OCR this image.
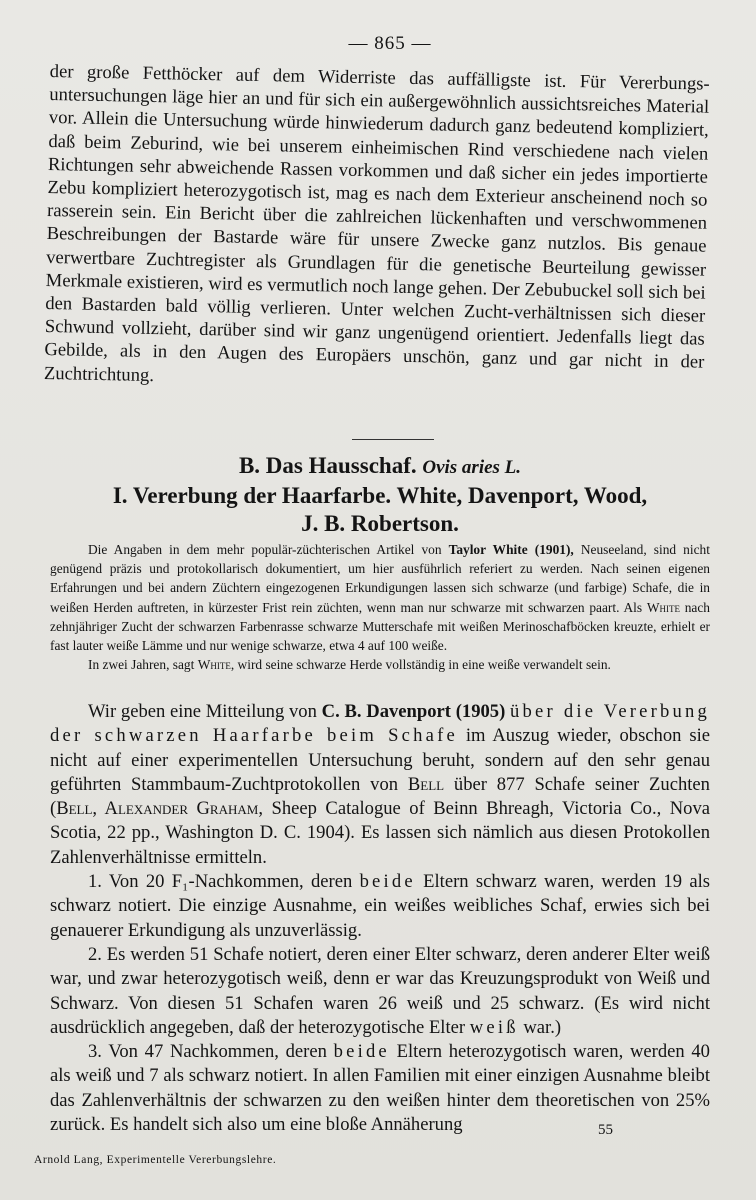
— 865 —
der große Fetthöcker auf dem Widerriste das auffälligste ist. Für Vererbungs-untersuchungen läge hier an und für sich ein außergewöhnlich aussichtsreiches Material vor. Allein die Untersuchung würde hinwiederum dadurch ganz bedeutend kompliziert, daß beim Zeburind, wie bei unserem einheimischen Rind verschiedene nach vielen Richtungen sehr abweichende Rassen vorkommen und daß sicher ein jedes importierte Zebu kompliziert heterozygotisch ist, mag es nach dem Exterieur anscheinend noch so rasserein sein. Ein Bericht über die zahlreichen lückenhaften und verschwommenen Beschreibungen der Bastarde wäre für unsere Zwecke ganz nutzlos. Bis genaue verwertbare Zuchtregister als Grundlagen für die genetische Beurteilung gewisser Merkmale existieren, wird es vermutlich noch lange gehen. Der Zebubuckel soll sich bei den Bastarden bald völlig verlieren. Unter welchen Zucht-verhältnissen sich dieser Schwund vollzieht, darüber sind wir ganz ungenügend orientiert. Jedenfalls liegt das Gebilde, als in den Augen des Europäers unschön, ganz und gar nicht in der Zuchtrichtung.
B. Das Hausschaf. Ovis aries L.
I. Vererbung der Haarfarbe. White, Davenport, Wood,
J. B. Robertson.

Die Angaben in dem mehr populär-züchterischen Artikel von Taylor White (1901), Neuseeland, sind nicht genügend präzis und protokollarisch dokumentiert, um hier ausführlich referiert zu werden. Nach seinen eigenen Erfahrungen und bei andern Züchtern eingezogenen Erkundigungen lassen sich schwarze (und farbige) Schafe, die in weißen Herden auftreten, in kürzester Frist rein züchten, wenn man nur schwarze mit schwarzen paart. Als White nach zehnjähriger Zucht der schwarzen Farbenrasse schwarze Mutterschafe mit weißen Merinoschafböcken kreuzte, erhielt er fast lauter weiße Lämme und nur wenige schwarze, etwa 4 auf 100 weiße.

In zwei Jahren, sagt White, wird seine schwarze Herde vollständig in eine weiße verwandelt sein.

Wir geben eine Mitteilung von C. B. Davenport (1905) über die Vererbung der schwarzen Haarfarbe beim Schafe im Auszug wieder, obschon sie nicht auf einer experimentellen Untersuchung beruht, sondern auf den sehr genau geführten Stammbaum-Zuchtprotokollen von Bell über 877 Schafe seiner Zuchten (Bell, Alexander Graham, Sheep Catalogue of Beinn Bhreagh, Victoria Co., Nova Scotia, 22 pp., Washington D. C. 1904). Es lassen sich nämlich aus diesen Protokollen Zahlenverhältnisse ermitteln.

1. Von 20 F₁-Nachkommen, deren beide Eltern schwarz waren, werden 19 als schwarz notiert. Die einzige Ausnahme, ein weißes weibliches Schaf, erwies sich bei genauerer Erkundigung als unzuverlässig.

2. Es werden 51 Schafe notiert, deren einer Elter schwarz, deren anderer Elter weiß war, und zwar heterozygotisch weiß, denn er war das Kreuzungsprodukt von Weiß und Schwarz. Von diesen 51 Schafen waren 26 weiß und 25 schwarz. (Es wird nicht ausdrücklich angegeben, daß der heterozygotische Elter weiß war.)

3. Von 47 Nachkommen, deren beide Eltern heterozygotisch waren, werden 40 als weiß und 7 als schwarz notiert. In allen Familien mit einer einzigen Ausnahme bleibt das Zahlenverhältnis der schwarzen zu den weißen hinter dem theoretischen von 25% zurück. Es handelt sich also um eine bloße Annäherung	55
Arnold Lang, Experimentelle Vererbungslehre.
